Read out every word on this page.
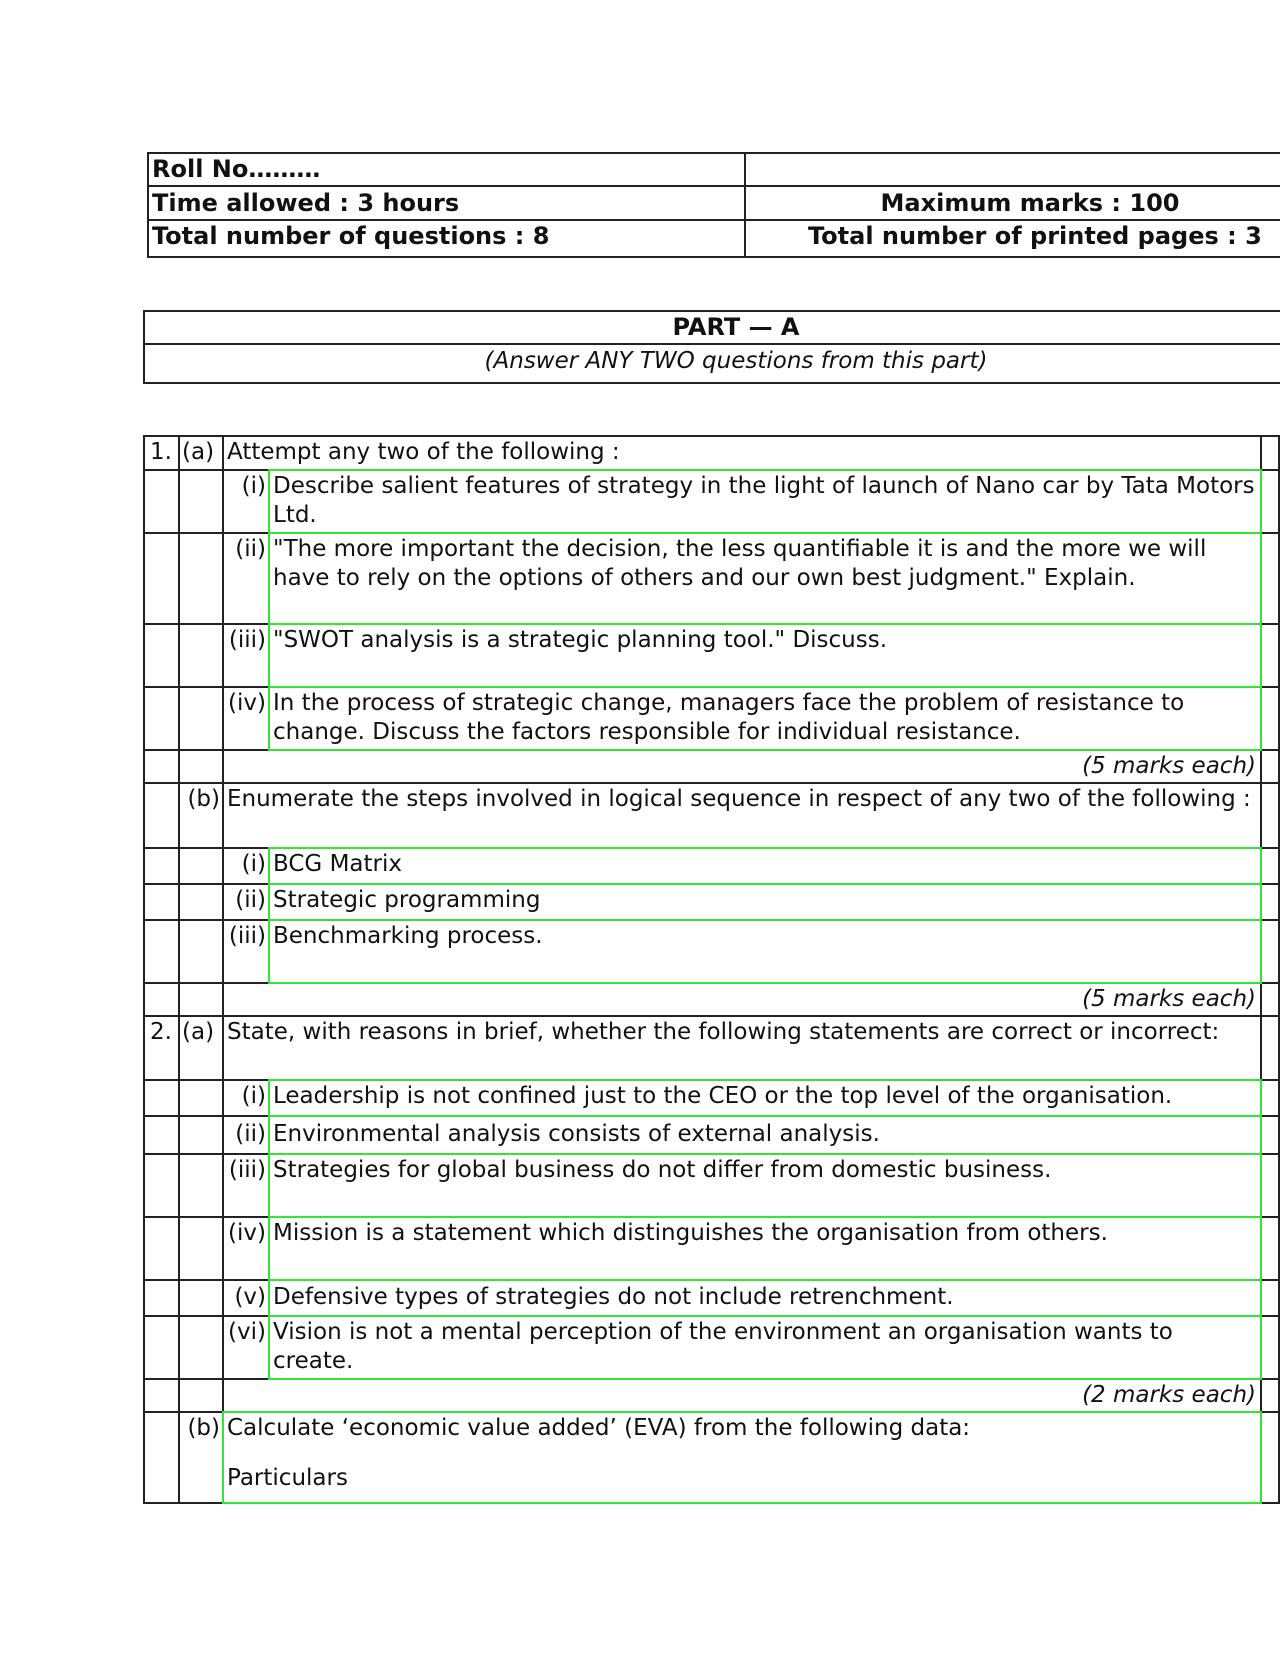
Roll No………
Time allowed : 3 hours	Maximum marks : 100
Total number of questions : 8	Total number of printed pages : 3
PART — A
(Answer ANY TWO questions from this part)
1. (a) Attempt any two of the following :
(i) Describe salient features of strategy in the light of launch of Nano car by Tata Motors Ltd.
(ii) "The more important the decision, the less quantifiable it is and the more we will have to rely on the options of others and our own best judgment." Explain.
(iii) "SWOT analysis is a strategic planning tool." Discuss.
(iv) In the process of strategic change, managers face the problem of resistance to change. Discuss the factors responsible for individual resistance.
(5 marks each)
(b) Enumerate the steps involved in logical sequence in respect of any two of the following :
(i) BCG Matrix
(ii) Strategic programming
(iii) Benchmarking process.
(5 marks each)
2. (a) State, with reasons in brief, whether the following statements are correct or incorrect:
(i) Leadership is not confined just to the CEO or the top level of the organisation.
(ii) Environmental analysis consists of external analysis.
(iii) Strategies for global business do not differ from domestic business.
(iv) Mission is a statement which distinguishes the organisation from others.
(v) Defensive types of strategies do not include retrenchment.
(vi) Vision is not a mental perception of the environment an organisation wants to create.
(2 marks each)
(b) Calculate ‘economic value added’ (EVA) from the following data:
Particulars
